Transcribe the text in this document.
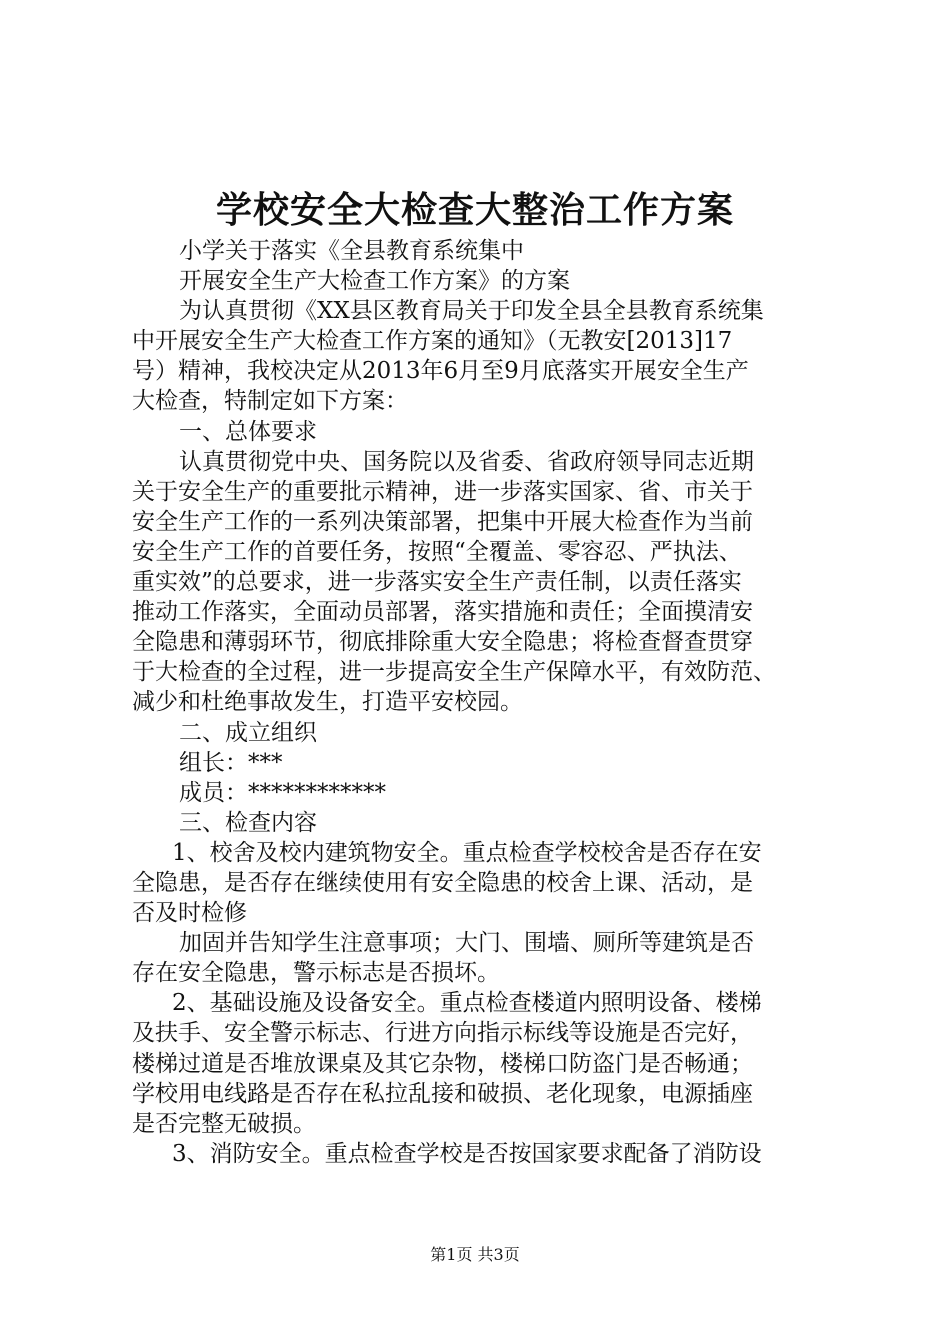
学校安全大检查大整治工作方案
小学关于落实《全县教育系统集中
开展安全生产大检查工作方案》的方案
为认真贯彻《XX县区教育局关于印发全县全县教育系统集
中开展安全生产大检查工作方案的通知》（无教安[2013]17
号）精神，我校决定从2013年6月至9月底落实开展安全生产
大检查，特制定如下方案：
一、总体要求
认真贯彻党中央、国务院以及省委、省政府领导同志近期
关于安全生产的重要批示精神，进一步落实国家、省、市关于
安全生产工作的一系列决策部署，把集中开展大检查作为当前
安全生产工作的首要任务，按照“全覆盖、零容忍、严执法、
重实效”的总要求，进一步落实安全生产责任制，以责任落实
推动工作落实，全面动员部署，落实措施和责任；全面摸清安
全隐患和薄弱环节，彻底排除重大安全隐患；将检查督查贯穿
于大检查的全过程，进一步提高安全生产保障水平，有效防范、
减少和杜绝事故发生，打造平安校园。
二、成立组织
组长：***
成员：************
三、检查内容
1、校舍及校内建筑物安全。重点检查学校校舍是否存在安
全隐患，是否存在继续使用有安全隐患的校舍上课、活动，是
否及时检修
加固并告知学生注意事项；大门、围墙、厕所等建筑是否
存在安全隐患，警示标志是否损坏。
2、基础设施及设备安全。重点检查楼道内照明设备、楼梯
及扶手、安全警示标志、行进方向指示标线等设施是否完好，
楼梯过道是否堆放课桌及其它杂物，楼梯口防盗门是否畅通；
学校用电线路是否存在私拉乱接和破损、老化现象，电源插座
是否完整无破损。
3、消防安全。重点检查学校是否按国家要求配备了消防设
第1页 共3页
